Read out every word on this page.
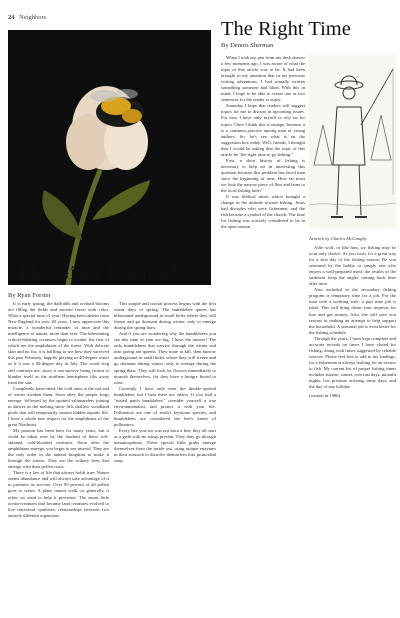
24 Neighbors
The Giant Bumblebee
By Ryan Forster

It is early spring; the daffodils and orchard blooms are filling the fields and ancient forest with color. What a special time of year! Having been absent from New England for over 20 years, I now appreciate this miracle, a wonderful reminder of time and the intelligence of nature, more than ever. The hibernating critical-thinking creatures begin to awake, the first of which are the amphibians of the forest. With delicate skin and no fur, it is baffling to see how they survived this past February, happily playing in 40-degree water as if it was a 90-degree day in July. The wood frog still confuses me, since it can survive being frozen to blanket itself as the northern hemisphere tilts away from the sun.

Completely bone-dead, the cold rains at the tail end of winter awaken them. Soon after, the peeper frogs emerge, followed by the spotted salamanders joining in dances as the melting snow fills shallow woodland pools that will temporarily sustain hidden aquatic life. I have a whole new respect for the amphibians of the great Northeast.

My passion has been bees for many years, but it could be taken over by the hardiest of these soft-skinned, cold-blooded creatures. Soon after the amphibians emerge, you begin to see insects! They are the only order in the animal kingdom to make it through the winter. They are the solitary bees that emerge with their pollen coats.

There is a law of life that always holds true: Nature seems abundance and will always take advantage of it to promote its success. Over 99 percent of all pollen goes to waste. A plant cannot walk, so generally, it relies on wind to help it procreate. The smart little ocean-creatures that became land creatures evolved to live terrestrial symbiotic relationships between two entirely different organisms.

This simple and crucial process begins with the first warm days of spring. The bumblebee queen has hibernated underground in small holes where they will freeze and go dormant during winter, only to emerge during the spring thaw.

And if you are wondering why the bumblebees you see this time of year are big, I have the answer! The only bumblebees that survive through the winter and into spring are queens. They mate in fall, then burrow underground in small holes where they will freeze and go dormant during winter, only to emerge during the spring thaw. They will look for flowers immediately to nourish themselves, for they have a hungry brood to raise.

Currently I have only seen the double-spotted bumblebee, but I hear there are others. If you find a "rusted patch bumblebee," consider yourself a true environmentalist, and protect it with your life. Pollinators are one of earth's keystone species, and bumblebees are considered the bee's knees of pollinators.

Every bee you see was not born a bee; they all start as a grub with no wings present. They duty go through metamorphosis. These special little grubs emerge themselves from the inside out, using unique enzymes in their stomach to dissolve themselves into primordial soup.

The Right Time
By Dennis Sherman

When I took my pen from my desk drawer a few moments ago, I was aware of what the topic of this article was to be. It had been brought to my attention that in my previous writing adventures, I had actually written something someone had liked. With this in mind, I hope to be able to create one or two sentences for the reader to enjoy.

Someday I hope that readers will suggest topics for me to discuss in upcoming issues. For now I have only myself to rely on for topics. Once I think this is strange, because it is a common practice among men or young authors. So, let's see what is on the suggestion box today. Well, friends, I thought that I would be asking that the topic of this article be "the right time to go fishing."

First, a short history of fishing is necessary to help set in interesting this question because this problem has faced man since the beginning of time. How far must we look the narrow piece of flint and bone to the local fishing hole?

It was biblical times which brought a change in the attitude toward fishing. Jesus had disciples who were fishermen, and the fish became a symbol of the church. The time for fishing was scarcely considered to be in the open season.

Artwork by Charles McGaughy

Alfie wolf, or like him, ice fishing may be your only choice. As you wish, it's a great way for a first day of the fishing season. Be you seasoned by the hobby or simply one who enjoys a well-prepared meal, the results of the endeavor keep the angler coming back time after time.

Also included in the secondary fishing program is temporary time for a job. For the man with a working wife, a part time job is ideal. This will bring down your requests for lure and gas money. Also, the will save you serious in making an attempt to help support the household. A seasonal job is even better for the fishing schedule.

Through the years, I have kept complete and accurate records on times I have closed for fishing, along with times suggested by reliable sources. Please feel free to add to my findings, for a fisherman is always looking for an excuse to fish. My current list of proper fishing times includes sunrise, sunset, overcast days, moonlit nights, low pressure arriving, rainy days, and the day of any holiday.

(written in 1986)
